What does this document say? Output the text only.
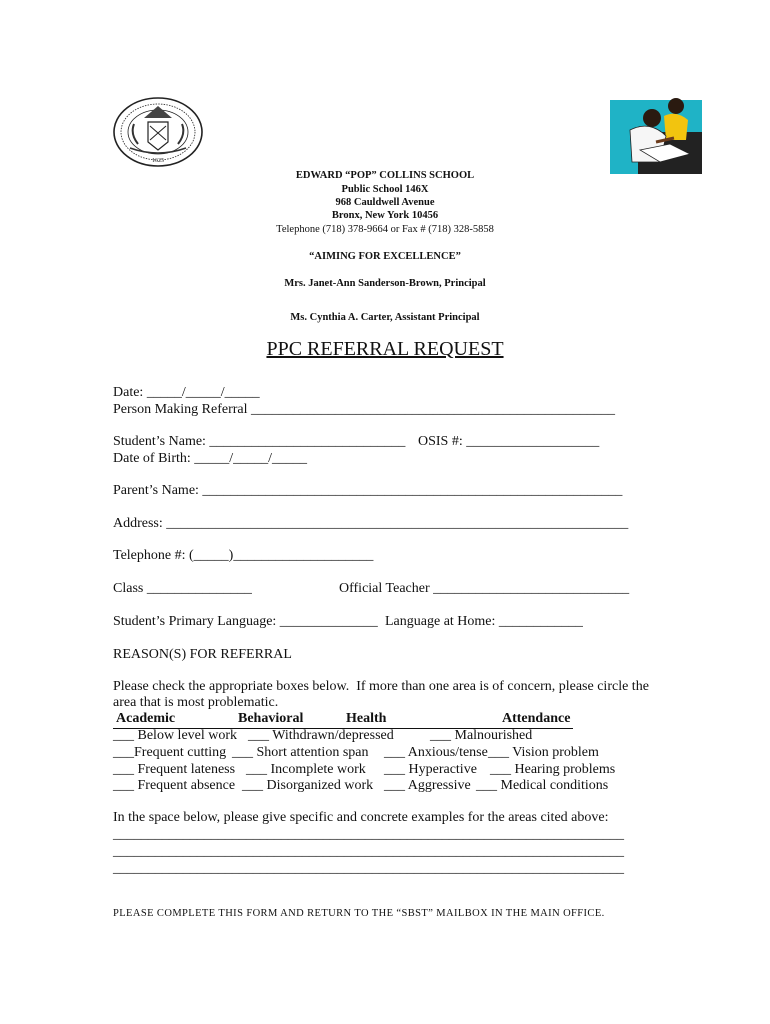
1625
EDWARD “POP” COLLINS SCHOOL
Public School 146X
968 Cauldwell Avenue
Bronx, New York 10456
Telephone (718) 378-9664 or Fax # (718) 328-5858
“AIMING FOR EXCELLENCE”
Mrs. Janet-Ann Sanderson-Brown, Principal
Ms. Cynthia A. Carter, Assistant Principal
PPC REFERRAL REQUEST
Date: _____/_____/_____
Person Making Referral ____________________________________________________
Student’s Name: ____________________________ OSIS #: ___________________
Date of Birth: _____/_____/_____
Parent’s Name: ____________________________________________________________
Address: __________________________________________________________________
Telephone #: (_____)____________________
Class _______________	Official Teacher ____________________________
Student’s Primary Language: ______________ Language at Home: ____________
REASON(S) FOR REFERRAL
Please check the appropriate boxes below.  If more than one area is of concern, please circle the
area that is most problematic.
Academic	Behavioral	Health	Attendance
___ Below level work ___ Withdrawn/depressed	___ Malnourished
___Frequent cutting ___ Short attention span ___ Anxious/tense ___ Vision problem
___ Frequent lateness ___ Incomplete work ___ Hyperactive ___ Hearing problems
___ Frequent absence ___ Disorganized work ___ Aggressive ___ Medical conditions
In the space below, please give specific and concrete examples for the areas cited above:
_________________________________________________________________________
_________________________________________________________________________
_________________________________________________________________________
PLEASE COMPLETE THIS FORM AND RETURN TO THE “SBST” MAILBOX IN THE MAIN OFFICE.
